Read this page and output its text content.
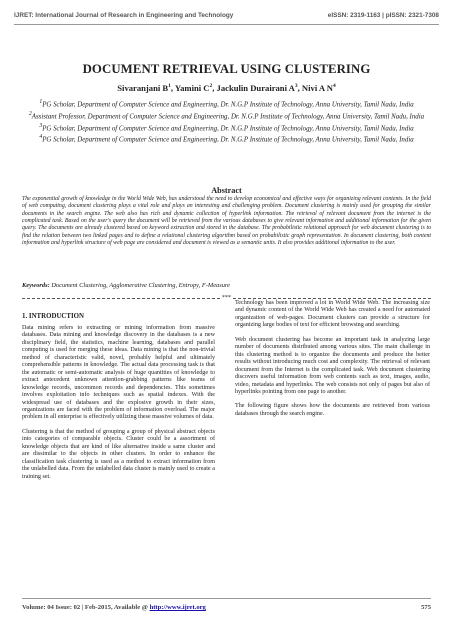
IJRET: International Journal of Research in Engineering and Technology	eISSN: 2319-1163 | pISSN: 2321-7308
DOCUMENT RETRIEVAL USING CLUSTERING
Sivaranjani $B^1$, Yamini $C^2$, Jackulin Durairani $A^3$, Nivi A $N^4$
$^1$PG Scholar, Department of Computer Science and Engineering, Dr. N.G.P Institute of Technology, Anna University, Tamil Nadu, India
$^2$Assistant Professor, Department of Computer Science and Engineering, Dr. N.G.P Institute of Technology, Anna University, Tamil Nadu, India
$^3$PG Scholar, Department of Computer Science and Engineering, Dr. N.G.P Institute of Technology, Anna University, Tamil Nadu, India
$^4$PG Scholar, Department of Computer Science and Engineering, Dr. N.G.P Institute of Technology, Anna University, Tamil Nadu, India
Abstract
The exponential growth of knowledge in the World Wide Web, has understood the need to develop economical and effective ways for organizing relevant contents. In the field of web computing, document clustering plays a vital role and plays an interesting and challenging problem. Document clustering is mainly used for grouping the similar documents in the search engine. The web also has rich and dynamic collection of hyperlink information. The retrieval of relevant document from the internet is the complicated task. Based on the user's query the document will be retrieved from the various databases to give relevant information and additional information for the given query. The documents are already clustered based on keyword extraction and stored in the database. The probabilistic relational approach for web document clustering is to find the relation between two linked pages and to define a relational clustering algorithm based on probabilistic graph representation. In document clustering, both content information and hyperlink structure of web page are considered and document is viewed as a semantic units. It also provides additional information to the user.
Keywords: Document Clustering, Agglomerative Clustering, Entropy, F-Measure
***
1. INTRODUCTION

Data mining refers to extracting or mining information from massive databases. Data mining and knowledge discovery in the databases is a new disciplinary field, the statistics, machine learning, databases and parallel computing is used for merging these ideas. Data mining is that the non-trivial method of characteristic valid, novel, probably helpful and ultimately comprehensible patterns in knowledge. The actual data processing task is that the automatic or semi-automatic analysis of huge quantities of knowledge to extract antecedent unknown attention-grabbing patterns like teams of knowledge records, uncommon records and dependencies. This sometimes involves exploitation info techniques such as spatial indexes. With the widespread use of databases and the explosive growth in their sizes, organizations are faced with the problem of information overload. The major problem in all enterprise is effectively utilizing these massive volumes of data.

Clustering is that the method of grouping a group of physical abstract objects into categories of comparable objects. Cluster could be a assortment of knowledge objects that are kind of like alternative inside a same cluster and are dissimilar to the objects in other clusters. In order to enhance the classification task clustering is used as a method to extract information from the unlabelled data. From the unlabelled data cluster is mainly used to create a training set.

Technology has been improved a lot in World Wide Web. The increasing size and dynamic content of the World Wide Web has created a need for automated organization of web-pages. Document clusters can provide a structure for organizing large bodies of text for efficient browsing and searching.

Web document clustering has become an important task in analyzing large number of documents distributed among various sites. The main challenge in this clustering method is to organize the documents and produce the better results without introducing much cost and complexity. The retrieval of relevant document from the Internet is the complicated task. Web document clustering discovers useful information from web contents such as text, images, audio, video, metadata and hyperlinks. The web consists not only of pages but also of hyperlinks pointing from one page to another.

The following figure shows how the documents are retrieved from various databases through the search engine.

Volume: 04 Issue: 02 | Feb-2015, Available @ http://www.ijret.org	575
